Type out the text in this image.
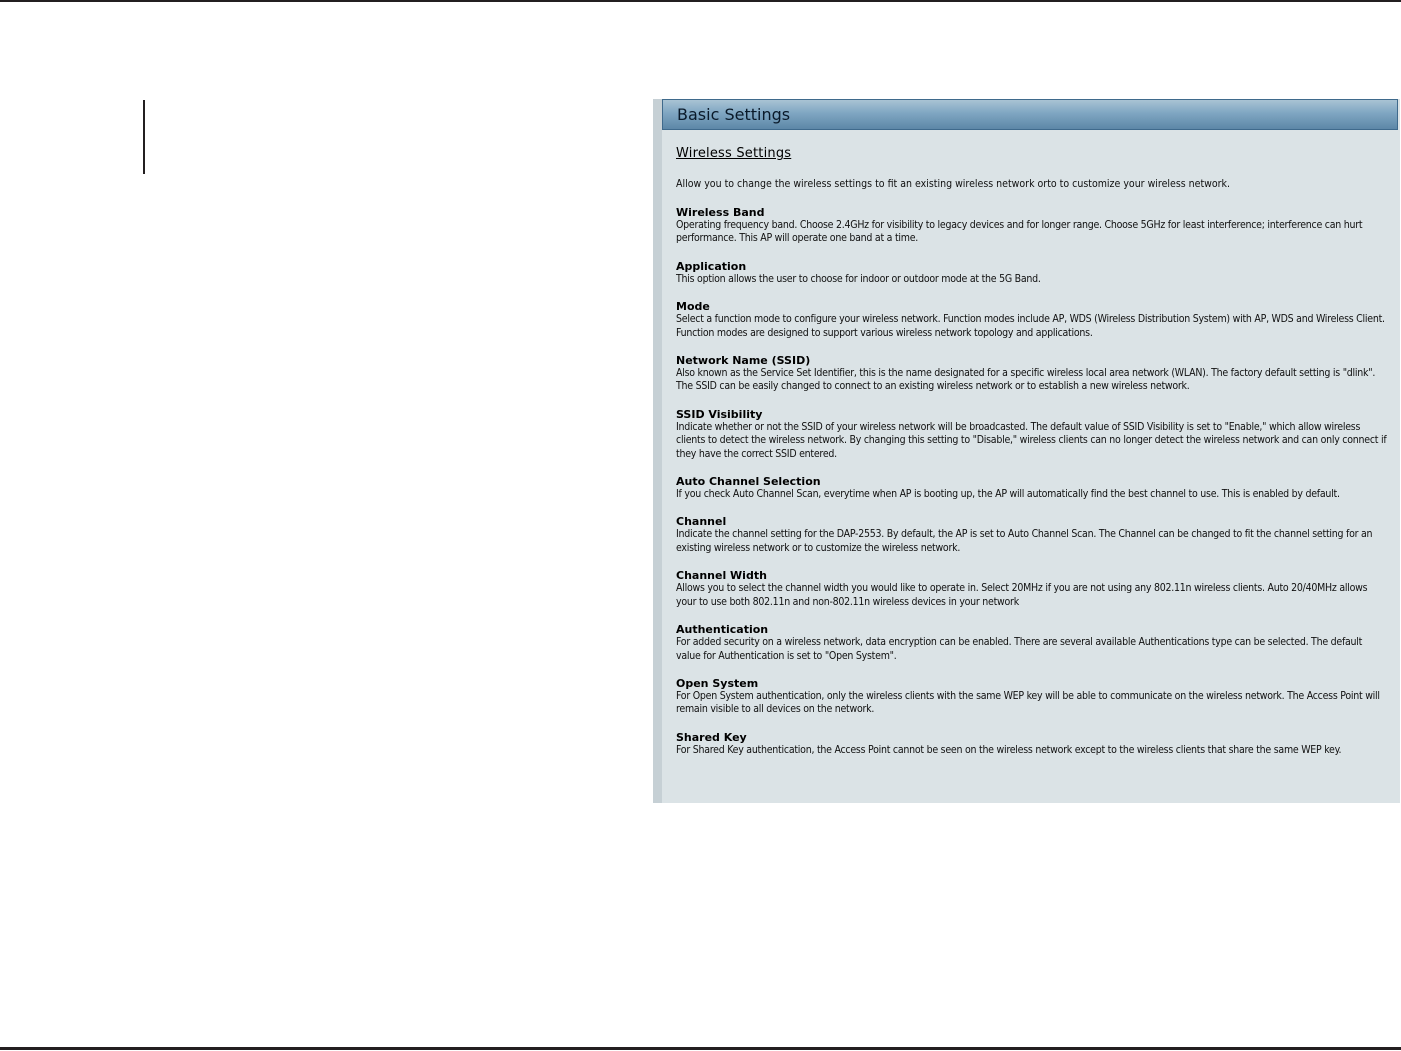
Basic Settings
Wireless Settings
Allow you to change the wireless settings to fit an existing wireless network orto to customize your wireless network.
Wireless Band
Operating frequency band. Choose 2.4GHz for visibility to legacy devices and for longer range. Choose 5GHz for least interference; interference can hurt performance. This AP will operate one band at a time.
Application
This option allows the user to choose for indoor or outdoor mode at the 5G Band.
Mode
Select a function mode to configure your wireless network. Function modes include AP, WDS (Wireless Distribution System) with AP, WDS and Wireless Client. Function modes are designed to support various wireless network topology and applications.
Network Name (SSID)
Also known as the Service Set Identifier, this is the name designated for a specific wireless local area network (WLAN). The factory default setting is "dlink". The SSID can be easily changed to connect to an existing wireless network or to establish a new wireless network.
SSID Visibility
Indicate whether or not the SSID of your wireless network will be broadcasted. The default value of SSID Visibility is set to "Enable," which allow wireless clients to detect the wireless network. By changing this setting to "Disable," wireless clients can no longer detect the wireless network and can only connect if they have the correct SSID entered.
Auto Channel Selection
If you check Auto Channel Scan, everytime when AP is booting up, the AP will automatically find the best channel to use. This is enabled by default.
Channel
Indicate the channel setting for the DAP-2553. By default, the AP is set to Auto Channel Scan. The Channel can be changed to fit the channel setting for an existing wireless network or to customize the wireless network.
Channel Width
Allows you to select the channel width you would like to operate in. Select 20MHz if you are not using any 802.11n wireless clients. Auto 20/40MHz allows your to use both 802.11n and non-802.11n wireless devices in your network
Authentication
For added security on a wireless network, data encryption can be enabled. There are several available Authentications type can be selected. The default value for Authentication is set to "Open System".
Open System
For Open System authentication, only the wireless clients with the same WEP key will be able to communicate on the wireless network. The Access Point will remain visible to all devices on the network.
Shared Key
For Shared Key authentication, the Access Point cannot be seen on the wireless network except to the wireless clients that share the same WEP key.
